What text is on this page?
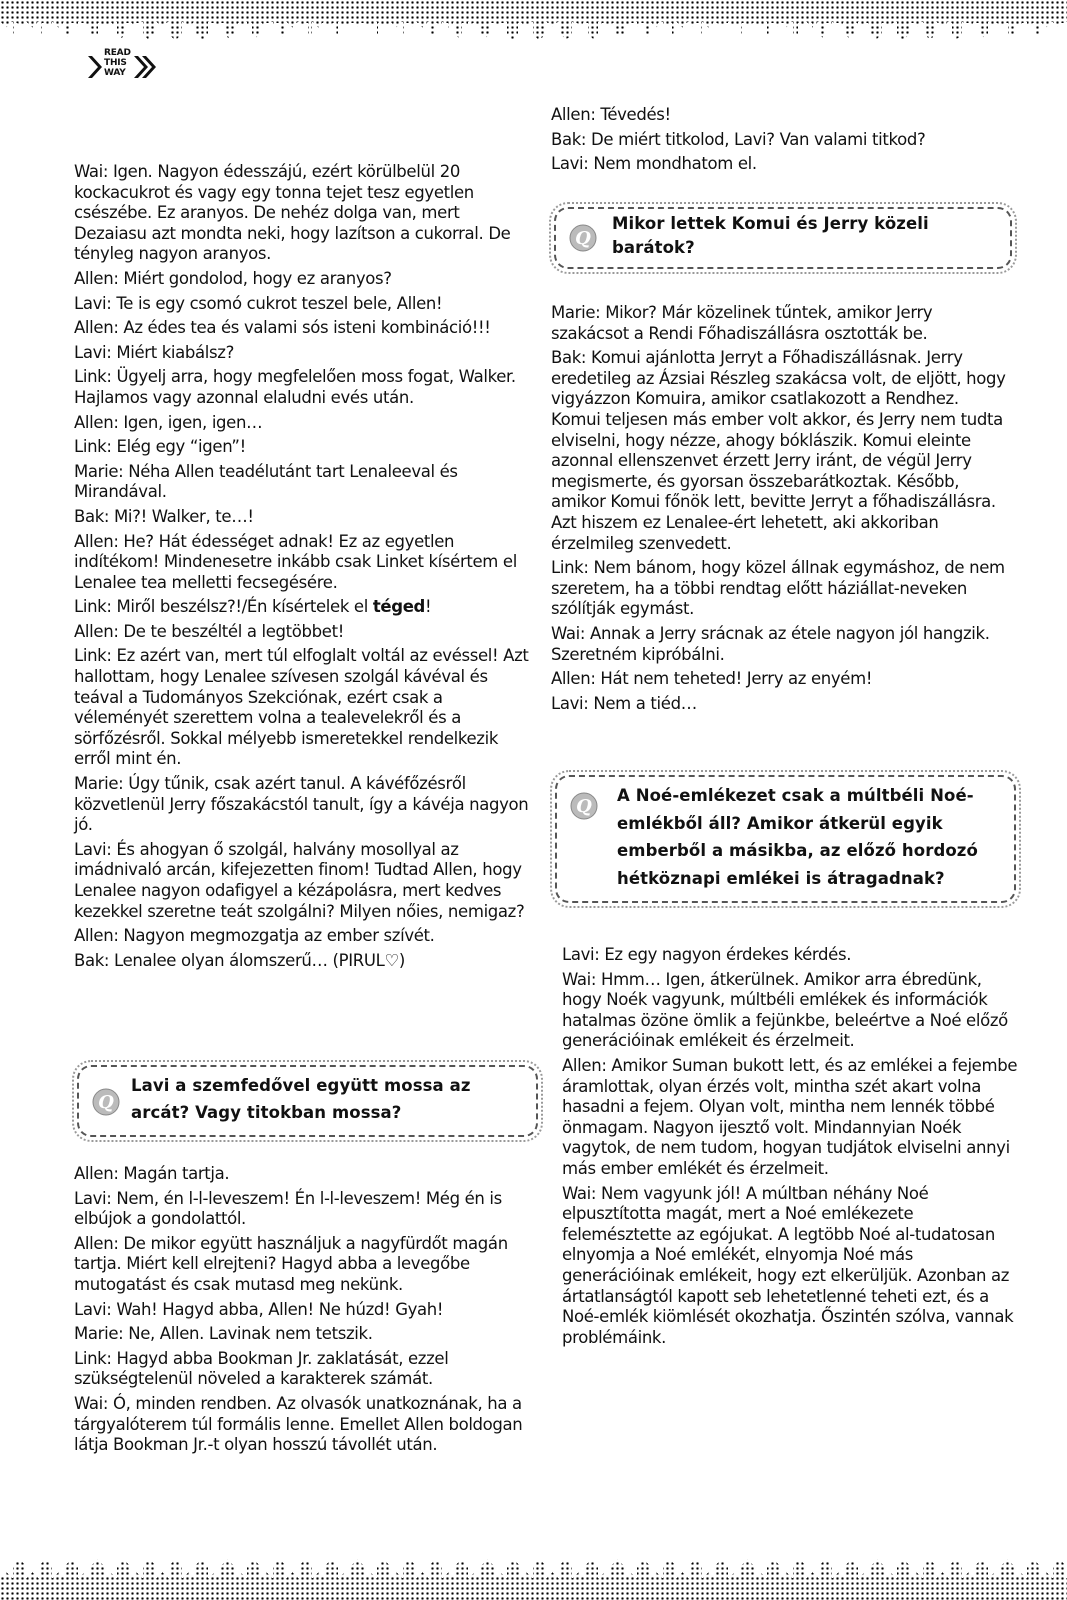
READ
THIS
WAY

Wai: Igen. Nagyon édesszájú, ezért körülbelül 20 kockacukrot és vagy egy tonna tejet tesz egyetlen csészébe. Ez aranyos. De nehéz dolga van, mert Dezaiasu azt mondta neki, hogy lazítson a cukorral. De tényleg nagyon aranyos.

Allen: Miért gondolod, hogy ez aranyos?

Lavi: Te is egy csomó cukrot teszel bele, Allen!

Allen: Az édes tea és valami sós isteni kombináció!!!

Lavi: Miért kiabálsz?

Link: Ügyelj arra, hogy megfelelően moss fogat, Walker. Hajlamos vagy azonnal elaludni evés után.

Allen: Igen, igen, igen…

Link: Elég egy “igen”!

Marie: Néha Allen teadélutánt tart Lenaleeval és Mirandával.

Bak: Mi?! Walker, te…!

Allen: He? Hát édességet adnak! Ez az egyetlen indítékom! Mindenesetre inkább csak Linket kísértem el Lenalee tea melletti fecsegésére.

Link: Miről beszélsz?!/Én kísértelek el téged!

Allen: De te beszéltél a legtöbbet!

Link: Ez azért van, mert túl elfoglalt voltál az evéssel! Azt hallottam, hogy Lenalee szívesen szolgál kávéval és teával a Tudományos Szekciónak, ezért csak a véleményét szerettem volna a tealevelekről és a sörfőzésről. Sokkal mélyebb ismeretekkel rendelkezik erről mint én.

Marie: Úgy tűnik, csak azért tanul. A kávéfőzésről közvetlenül Jerry főszakácstól tanult, így a kávéja nagyon jó.

Lavi: És ahogyan ő szolgál, halvány mosollyal az imádnivaló arcán, kifejezetten finom! Tudtad Allen, hogy Lenalee nagyon odafigyel a kézápolásra, mert kedves kezekkel szeretne teát szolgálni? Milyen nőies, nemigaz?

Allen: Nagyon megmozgatja az ember szívét.

Bak: Lenalee olyan álomszerű… (PIRUL♡)

Q
Lavi a szemfedővel együtt mossa az arcát? Vagy titokban mossa?

Allen: Magán tartja.

Lavi: Nem, én l-l-leveszem! Én l-l-leveszem! Még én is elbújok a gondolattól.

Allen: De mikor együtt használjuk a nagyfürdőt magán tartja. Miért kell elrejteni? Hagyd abba a levegőbe mutogatást és csak mutasd meg nekünk.

Lavi: Wah! Hagyd abba, Allen! Ne húzd! Gyah!

Marie: Ne, Allen. Lavinak nem tetszik.

Link: Hagyd abba Bookman Jr. zaklatását, ezzel szükségtelenül növeled a karakterek számát.

Wai: Ó, minden rendben. Az olvasók unatkoznának, ha a tárgyalóterem túl formális lenne. Emellet Allen boldogan látja Bookman Jr.-t olyan hosszú távollét után.

Allen: Tévedés!

Bak: De miért titkolod, Lavi? Van valami titkod?

Lavi: Nem mondhatom el.

Q
Mikor lettek Komui és Jerry közeli barátok?

Marie: Mikor? Már közelinek tűntek, amikor Jerry szakácsot a Rendi Főhadiszállásra osztották be.

Bak: Komui ajánlotta Jerryt a Főhadiszállásnak. Jerry eredetileg az Ázsiai Részleg szakácsa volt, de eljött, hogy vigyázzon Komuira, amikor csatlakozott a Rendhez. Komui teljesen más ember volt akkor, és Jerry nem tudta elviselni, hogy nézze, ahogy bóklászik. Komui eleinte azonnal ellenszenvet érzett Jerry iránt, de végül Jerry megismerte, és gyorsan összebarátkoztak. Később, amikor Komui főnök lett, bevitte Jerryt a főhadiszállásra. Azt hiszem ez Lenalee-ért lehetett, aki akkoriban érzelmileg szenvedett.

Link: Nem bánom, hogy közel állnak egymáshoz, de nem szeretem, ha a többi rendtag előtt háziállat-neveken szólítják egymást.

Wai: Annak a Jerry srácnak az étele nagyon jól hangzik. Szeretném kipróbálni.

Allen: Hát nem teheted! Jerry az enyém!

Lavi: Nem a tiéd…

Q
A Noé-emlékezet csak a múltbéli Noé-emlékből áll? Amikor átkerül egyik emberből a másikba, az előző hordozó hétköznapi emlékei is átragadnak?

Lavi: Ez egy nagyon érdekes kérdés.

Wai: Hmm… Igen, átkerülnek. Amikor arra ébredünk, hogy Noék vagyunk, múltbéli emlékek és információk hatalmas özöne ömlik a fejünkbe, beleértve a Noé előző generációinak emlékeit és érzelmeit.

Allen: Amikor Suman bukott lett, és az emlékei a fejembe áramlottak, olyan érzés volt, mintha szét akart volna hasadni a fejem. Olyan volt, mintha nem lennék többé önmagam. Nagyon ijesztő volt. Mindannyian Noék vagytok, de nem tudom, hogyan tudjátok elviselni annyi más ember emlékét és érzelmeit.

Wai: Nem vagyunk jól! A múltban néhány Noé elpusztította magát, mert a Noé emlékezete felemésztette az egójukat. A legtöbb Noé al-tudatosan elnyomja a Noé emlékét, elnyomja Noé más generációinak emlékeit, hogy ezt elkerüljük. Azonban az ártatlanságtól kapott seb lehetetlenné teheti ezt, és a Noé-emlék kiömlését okozhatja. Őszintén szólva, vannak problémáink.
